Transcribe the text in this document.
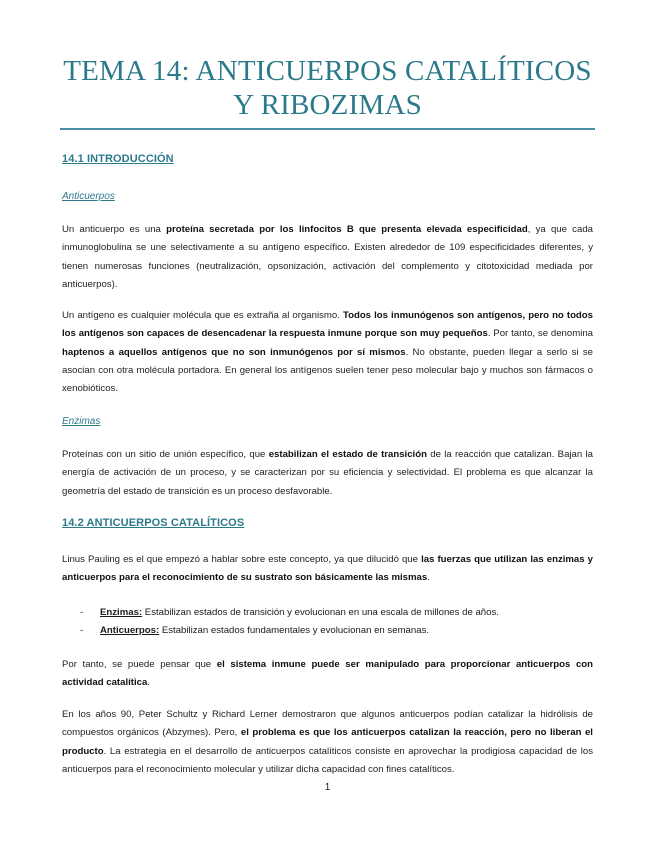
TEMA 14: ANTICUERPOS CATALÍTICOS Y RIBOZIMAS
14.1 INTRODUCCIÓN
Anticuerpos
Un anticuerpo es una proteína secretada por los linfocitos B que presenta elevada especificidad, ya que cada inmunoglobulina se une selectivamente a su antígeno específico. Existen alrededor de 109 especificidades diferentes, y tienen numerosas funciones (neutralización, opsonización, activación del complemento y citotoxicidad mediada por anticuerpos).
Un antígeno es cualquier molécula que es extraña al organismo. Todos los inmunógenos son antígenos, pero no todos los antígenos son capaces de desencadenar la respuesta inmune porque son muy pequeños. Por tanto, se denomina haptenos a aquellos antígenos que no son inmunógenos por sí mismos. No obstante, pueden llegar a serlo si se asocian con otra molécula portadora. En general los antígenos suelen tener peso molecular bajo y muchos son fármacos o xenobióticos.
Enzimas
Proteínas con un sitio de unión específico, que estabilizan el estado de transición de la reacción que catalizan. Bajan la energía de activación de un proceso, y se caracterizan por su eficiencia y selectividad. El problema es que alcanzar la geometría del estado de transición es un proceso desfavorable.
14.2 ANTICUERPOS CATALÍTICOS
Linus Pauling es el que empezó a hablar sobre este concepto, ya que dilucidó que las fuerzas que utilizan las enzimas y anticuerpos para el reconocimiento de su sustrato son básicamente las mismas.
- Enzimas: Estabilizan estados de transición y evolucionan en una escala de millones de años.
- Anticuerpos: Estabilizan estados fundamentales y evolucionan en semanas.
Por tanto, se puede pensar que el sistema inmune puede ser manipulado para proporcionar anticuerpos con actividad catalítica.
En los años 90, Peter Schultz y Richard Lerner demostraron que algunos anticuerpos podían catalizar la hidrólisis de compuestos orgánicos (Abzymes). Pero, el problema es que los anticuerpos catalizan la reacción, pero no liberan el producto. La estrategia en el desarrollo de anticuerpos catalíticos consiste en aprovechar la prodigiosa capacidad de los anticuerpos para el reconocimiento molecular y utilizar dicha capacidad con fines catalíticos.
1
